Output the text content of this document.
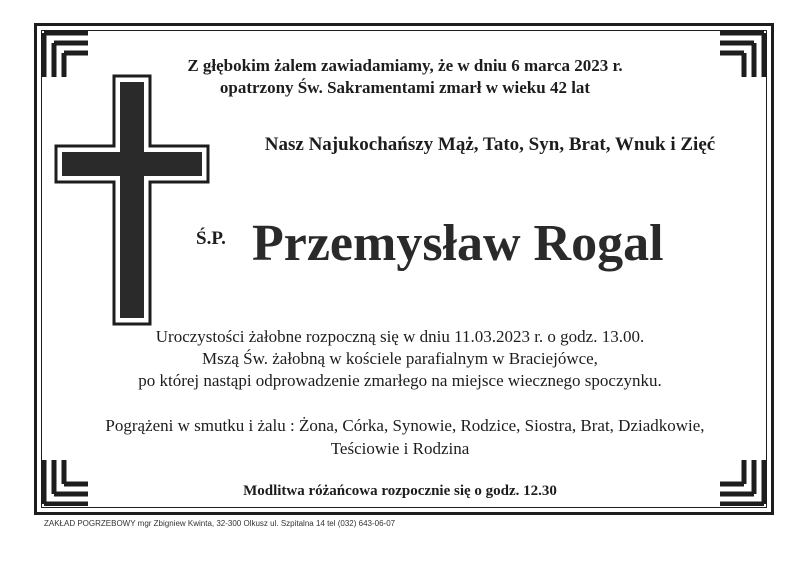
Z głębokim żalem zawiadamiamy, że w dniu 6 marca 2023 r.
opatrzony Św. Sakramentami zmarł w wieku 42 lat
Nasz Najukochańszy Mąż, Tato, Syn, Brat, Wnuk i Zięć
Ś.P. Przemysław Rogal
Uroczystości żałobne rozpoczną się w dniu 11.03.2023 r. o godz. 13.00.
Mszą Św. żałobną w kościele parafialnym w Braciejówce,
po której nastąpi odprowadzenie zmarłego na miejsce wiecznego spoczynku.
Pogrążeni w smutku i żalu : Żona, Córka, Synowie, Rodzice, Siostra, Brat, Dziadkowie,
Teściowie i Rodzina
Modlitwa różańcowa rozpocznie się o godz. 12.30
ZAKŁAD POGRZEBOWY mgr Zbigniew Kwinta, 32-300 Olkusz ul. Szpitalna 14 tel (032) 643-06-07
